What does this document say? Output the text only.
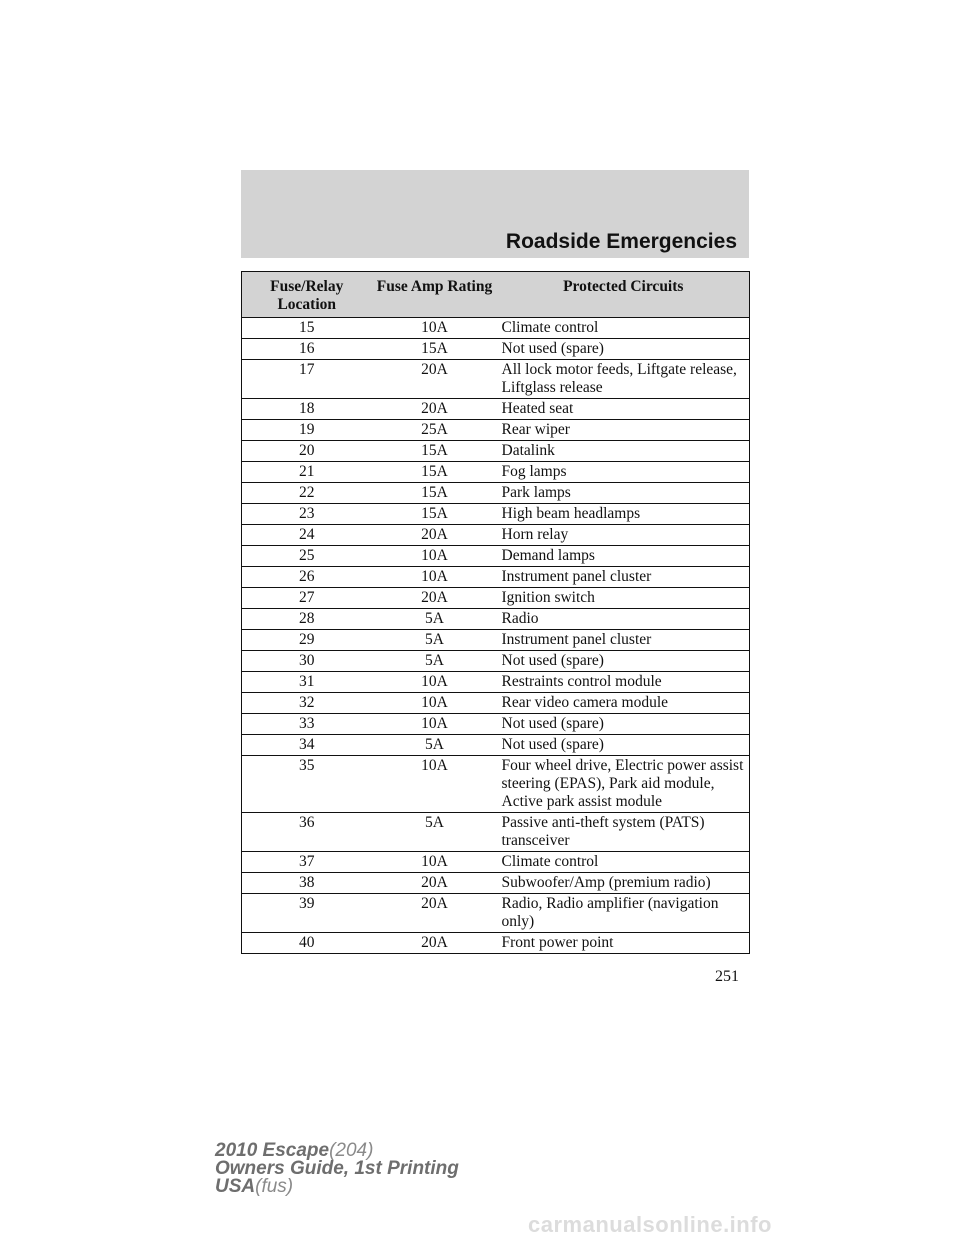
Roadside Emergencies
Fuse/Relay Location	Fuse Amp Rating	Protected Circuits
15	10A	Climate control
16	15A	Not used (spare)
17	20A	All lock motor feeds, Liftgate release, Liftglass release
18	20A	Heated seat
19	25A	Rear wiper
20	15A	Datalink
21	15A	Fog lamps
22	15A	Park lamps
23	15A	High beam headlamps
24	20A	Horn relay
25	10A	Demand lamps
26	10A	Instrument panel cluster
27	20A	Ignition switch
28	5A	Radio
29	5A	Instrument panel cluster
30	5A	Not used (spare)
31	10A	Restraints control module
32	10A	Rear video camera module
33	10A	Not used (spare)
34	5A	Not used (spare)
35	10A	Four wheel drive, Electric power assist steering (EPAS), Park aid module, Active park assist module
36	5A	Passive anti-theft system (PATS) transceiver
37	10A	Climate control
38	20A	Subwoofer/Amp (premium radio)
39	20A	Radio, Radio amplifier (navigation only)
40	20A	Front power point
251
2010 Escape(204)
Owners Guide, 1st Printing
USA(fus)
carmanualsonline.info
